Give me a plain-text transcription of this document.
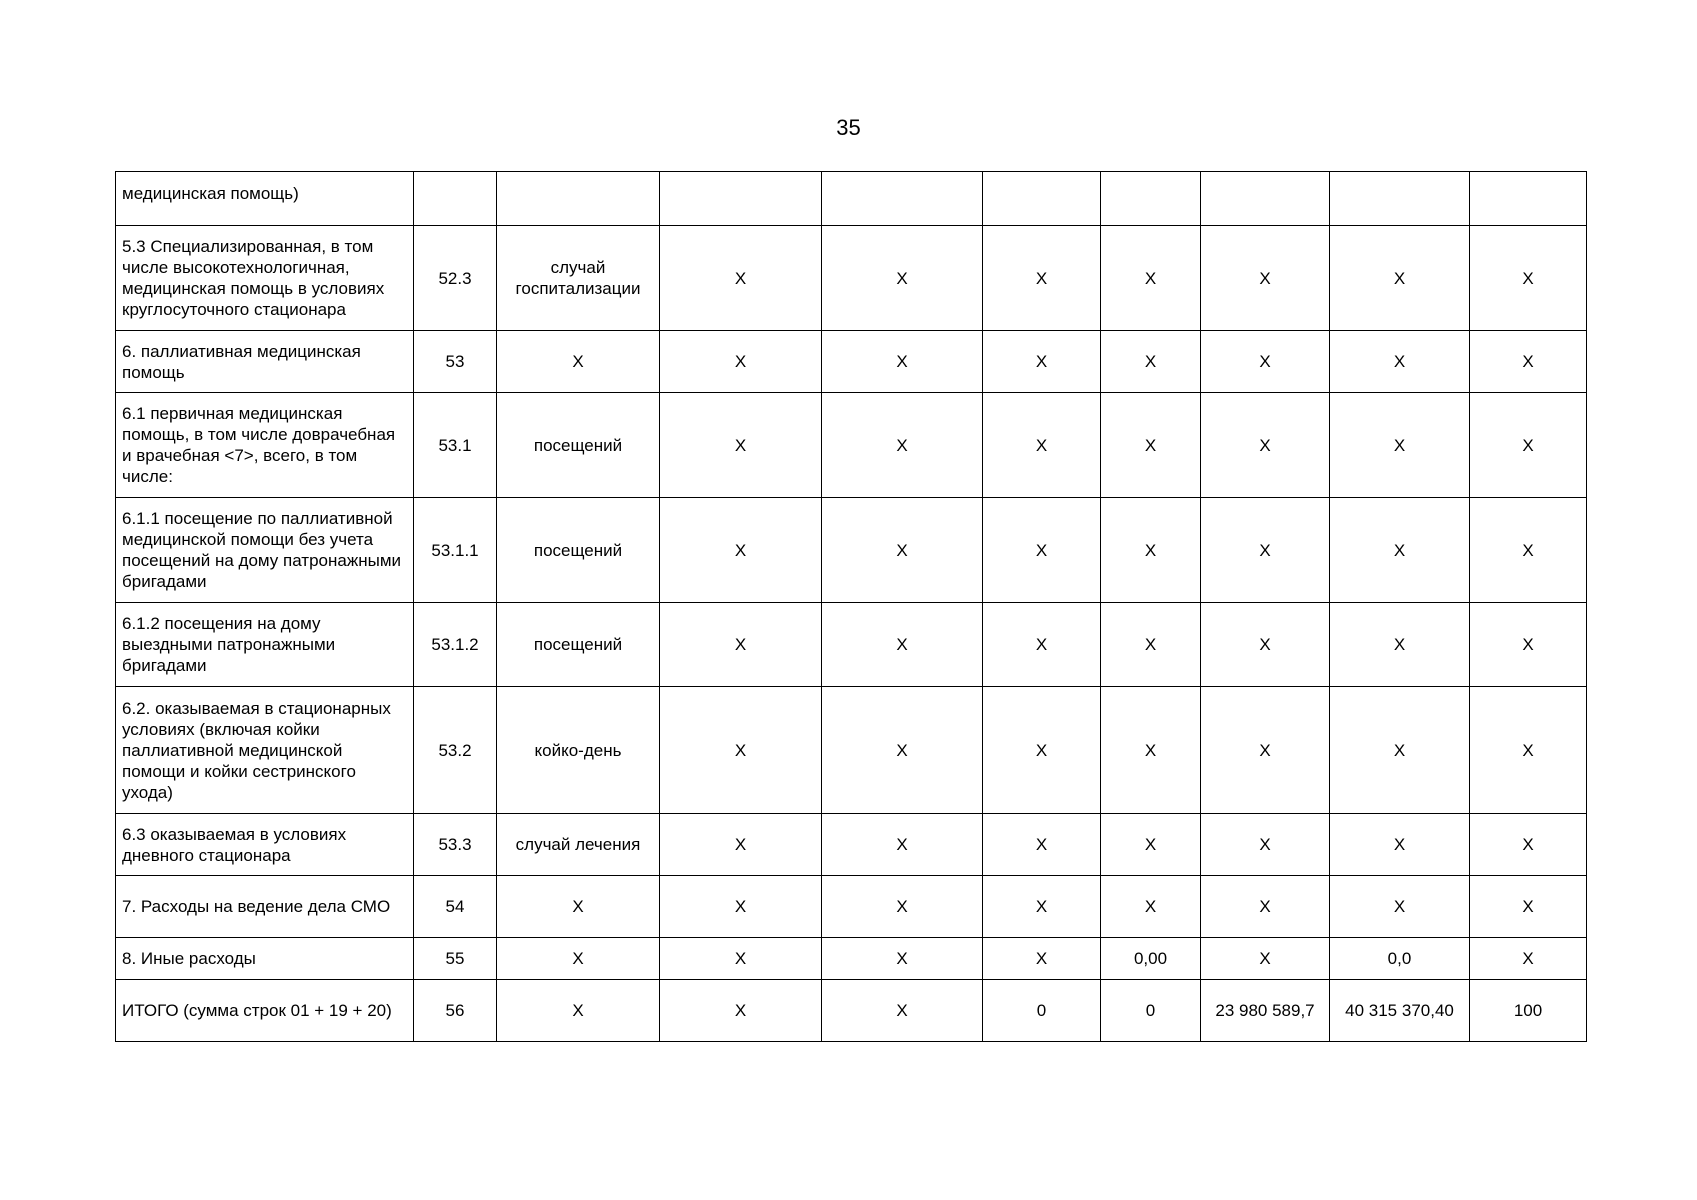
35
медицинская помощь)									
5.3 Специализированная, в том числе высокотехнологичная, медицинская помощь в условиях круглосуточного стационара	52.3	случай госпитализации	X	X	X	X	X	X	X
6. паллиативная медицинская помощь	53	X	X	X	X	X	X	X	X
6.1 первичная медицинская помощь, в том числе доврачебная и врачебная <7>, всего, в том числе:	53.1	посещений	X	X	X	X	X	X	X
6.1.1 посещение по паллиативной медицинской помощи без учета посещений на дому патронажными бригадами	53.1.1	посещений	X	X	X	X	X	X	X
6.1.2 посещения на дому выездными патронажными бригадами	53.1.2	посещений	X	X	X	X	X	X	X
6.2. оказываемая в стационарных условиях (включая койки паллиативной медицинской помощи и койки сестринского ухода)	53.2	койко-день	X	X	X	X	X	X	X
6.3 оказываемая в условиях дневного стационара	53.3	случай лечения	X	X	X	X	X	X	X
7. Расходы на ведение дела СМО	54	X	X	X	X	X	X	X	X
8. Иные расходы	55	X	X	X	X	0,00	X	0,0	X
ИТОГО (сумма строк 01 + 19 + 20)	56	X	X	X	0	0	23 980 589,7	40 315 370,40	100
